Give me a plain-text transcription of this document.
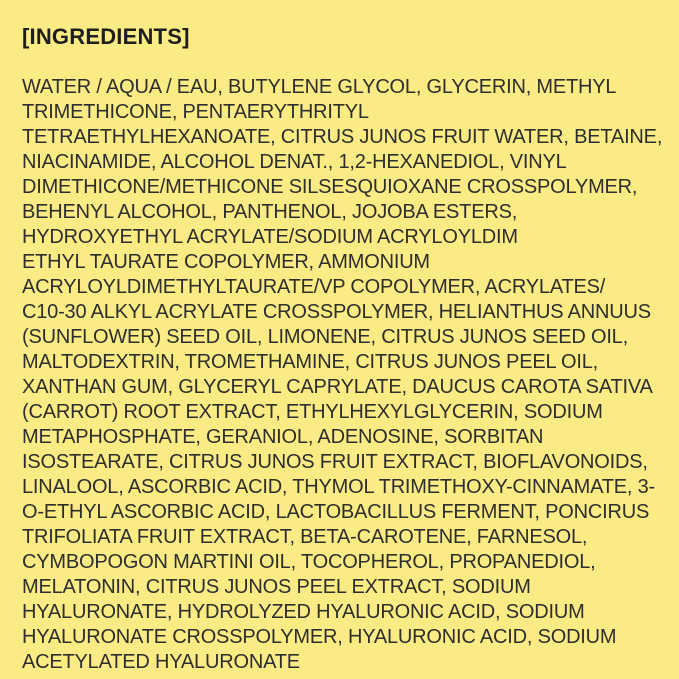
[INGREDIENTS]
WATER / AQUA / EAU, BUTYLENE GLYCOL, GLYCERIN, METHYL
TRIMETHICONE, PENTAERYTHRITYL
TETRAETHYLHEXANOATE, CITRUS JUNOS FRUIT WATER, BETAINE,
NIACINAMIDE, ALCOHOL DENAT., 1,2-HEXANEDIOL, VINYL
DIMETHICONE/METHICONE SILSESQUIOXANE CROSSPOLYMER,
BEHENYL ALCOHOL, PANTHENOL, JOJOBA ESTERS,
HYDROXYETHYL ACRYLATE/SODIUM ACRYLOYLDIM
ETHYL TAURATE COPOLYMER, AMMONIUM
ACRYLOYLDIMETHYLTAURATE/VP COPOLYMER, ACRYLATES/
C10-30 ALKYL ACRYLATE CROSSPOLYMER, HELIANTHUS ANNUUS
(SUNFLOWER) SEED OIL, LIMONENE, CITRUS JUNOS SEED OIL,
MALTODEXTRIN, TROMETHAMINE, CITRUS JUNOS PEEL OIL,
XANTHAN GUM, GLYCERYL CAPRYLATE, DAUCUS CAROTA SATIVA
(CARROT) ROOT EXTRACT, ETHYLHEXYLGLYCERIN, SODIUM
METAPHOSPHATE, GERANIOL, ADENOSINE, SORBITAN
ISOSTEARATE, CITRUS JUNOS FRUIT EXTRACT, BIOFLAVONOIDS,
LINALOOL, ASCORBIC ACID, THYMOL TRIMETHOXY-CINNAMATE, 3-
O-ETHYL ASCORBIC ACID, LACTOBACILLUS FERMENT, PONCIRUS
TRIFOLIATA FRUIT EXTRACT, BETA-CAROTENE, FARNESOL,
CYMBOPOGON MARTINI OIL, TOCOPHEROL, PROPANEDIOL,
MELATONIN, CITRUS JUNOS PEEL EXTRACT, SODIUM
HYALURONATE, HYDROLYZED HYALURONIC ACID, SODIUM
HYALURONATE CROSSPOLYMER, HYALURONIC ACID, SODIUM
ACETYLATED HYALURONATE
